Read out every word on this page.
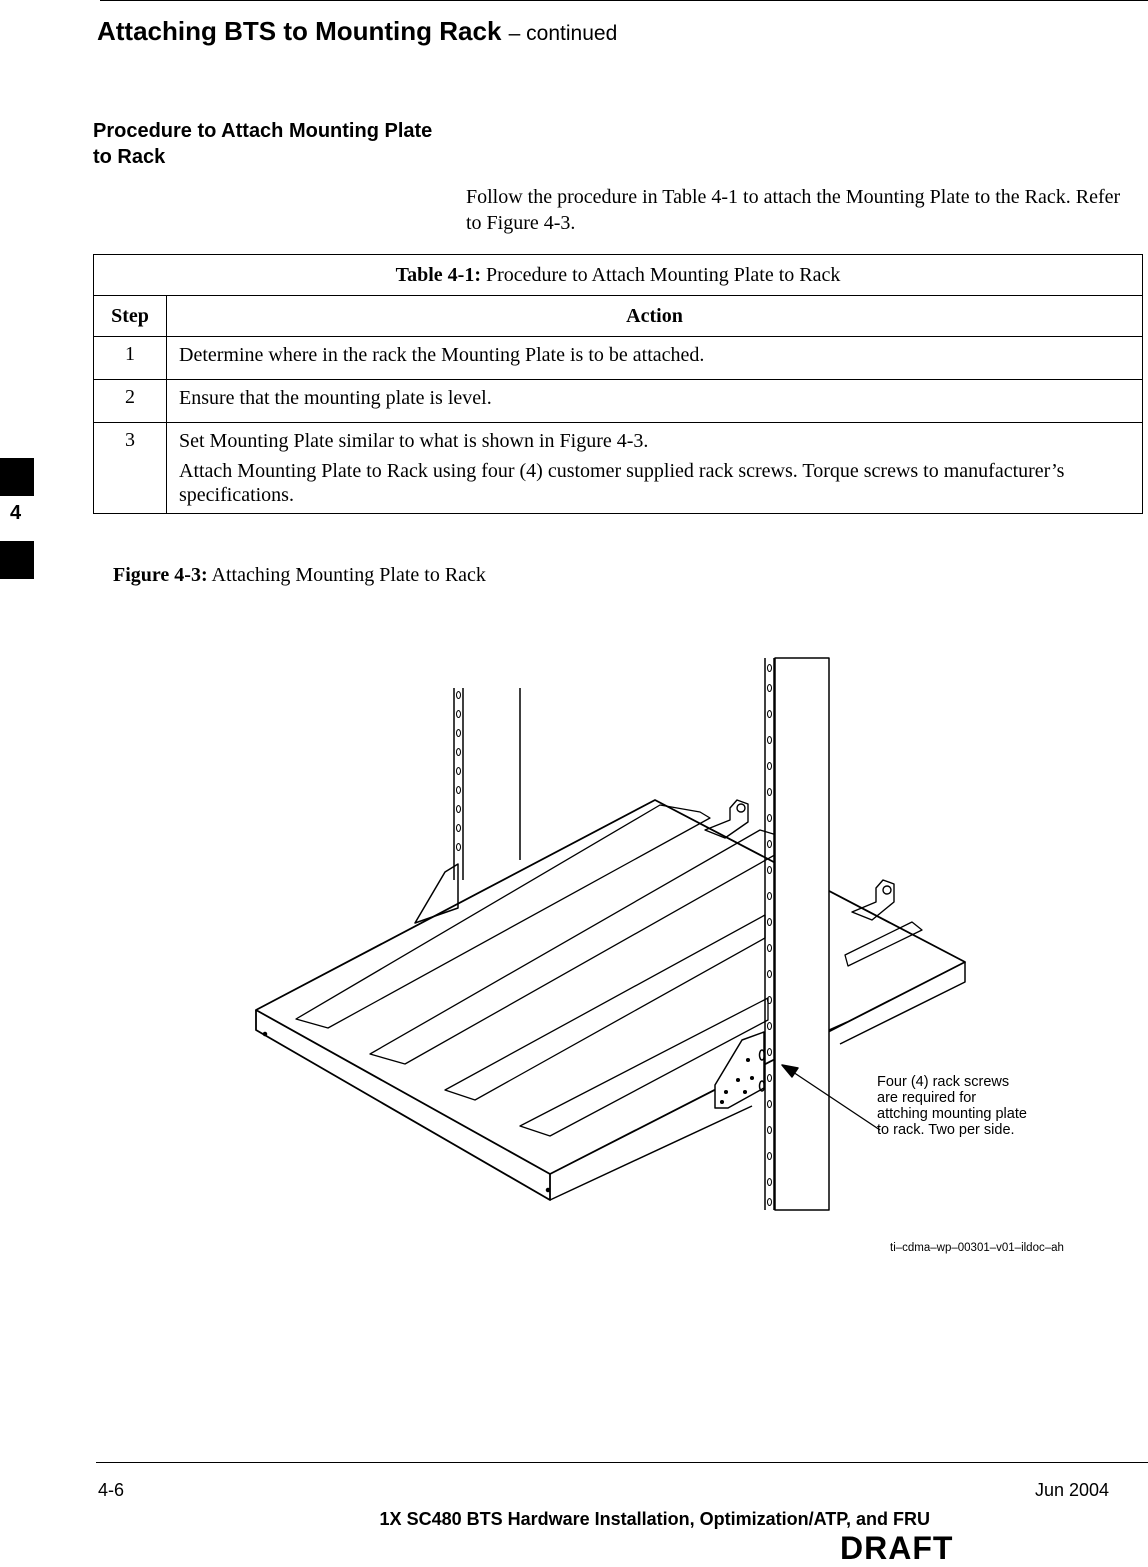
Attaching BTS to Mounting Rack – continued
Procedure to Attach Mounting Plate to Rack
Follow the procedure in Table 4-1 to attach the Mounting Plate to the Rack. Refer to Figure 4-3.
Table 4-1: Procedure to Attach Mounting Plate to Rack	
Step	Action
1	Determine where in the rack the Mounting Plate is to be attached.

2	Ensure that the mounting plate is level.

3	Set Mounting Plate similar to what is shown in Figure 4-3.

Attach Mounting Plate to Rack using four (4) customer supplied rack screws. Torque screws to manufacturer’s specifications.

Figure 4-3: Attaching Mounting Plate to Rack
Four (4) rack screws
are required for
attching mounting plate
to rack. Two per side.
ti–cdma–wp–00301–v01–ildoc–ah
4
4-6
1X SC480 BTS Hardware Installation, Optimization/ATP, and FRU
Jun 2004
DRAFT
